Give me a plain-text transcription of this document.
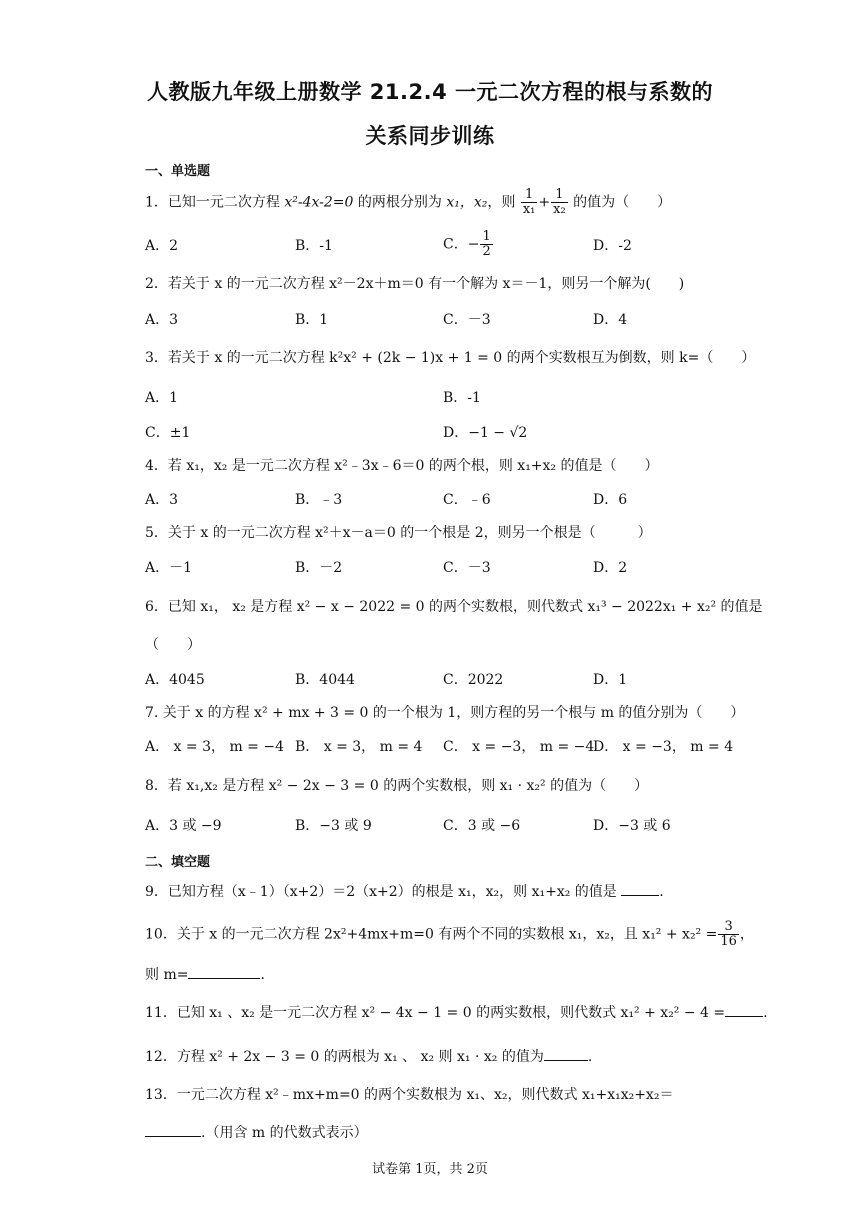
人教版九年级上册数学 21.2.4 一元二次方程的根与系数的
关系同步训练
一、单选题
1．已知一元二次方程 x²-4x-2=0 的两根分别为 x₁，x₂，则 $\frac{1}{\text{x₁}} + \frac{1}{\text{x₂}}$ 的值为（　　）
A．2	B．-1	C．− $\frac{1}{2}$	D．-2
2．若关于 x 的一元二次方程 x²－2x＋m＝0 有一个解为 x＝－1，则另一个解为(　　)
A．3	B．1	C．－3	D．4
3．若关于 x 的一元二次方程 k²x² + (2k − 1)x + 1 = 0 的两个实数根互为倒数，则 k=（　　）
A．1	B．-1
C．±1	D．−1 − √2
4．若 x₁，x₂ 是一元二次方程 x²﹣3x﹣6＝0 的两个根，则 x₁+x₂ 的值是（　　）
A．3	B．﹣3	C．﹣6	D．6
5．关于 x 的一元二次方程 x²＋x－a＝0 的一个根是 2，则另一个根是（　　　）
A．－1	B．－2	C．－3	D．2
6．已知 x₁， x₂ 是方程 x² − x − 2022 = 0 的两个实数根，则代数式 x₁³ − 2022x₁ + x₂² 的值是
（　　）
A．4045	B．4044	C．2022	D．1
7. 关于 x 的方程 x² + mx + 3 = 0 的一个根为 1，则方程的另一个根与 m 的值分别为（　　）
A． x = 3， m = −4 B． x = 3， m = 4 C． x = −3， m = −4
D． x = −3， m = 4
8．若 x₁,x₂ 是方程 x² − 2x − 3 = 0 的两个实数根，则 x₁ · x₂² 的值为（　　）
A．3 或 −9	B．−3 或 9	C．3 或 −6	D．−3 或 6
二、填空题
9．已知方程（x﹣1）（x+2）＝2（x+2）的根是 x₁，x₂，则 x₁+x₂ 的值是	.
10．关于 x 的一元二次方程 2x²+4mx+m=0 有两个不同的实数根 x₁，x₂，且 $x_1^2 + x_2^2 = \frac{3}{16}$ ，
则 m=	.
11．已知 x₁ 、x₂ 是一元二次方程 x² − 4x − 1 = 0 的两实数根，则代数式 x₁² + x₂² − 4 =	.
12．方程 x² + 2x − 3 = 0 的两根为 x₁ 、 x₂ 则 x₁ · x₂ 的值为	.
13．一元二次方程 x²﹣mx+m=0 的两个实数根为 x₁、x₂，则代数式 x₁+x₁x₂+x₂＝
.（用含 m 的代数式表示）
试卷第 1页，共 2页
